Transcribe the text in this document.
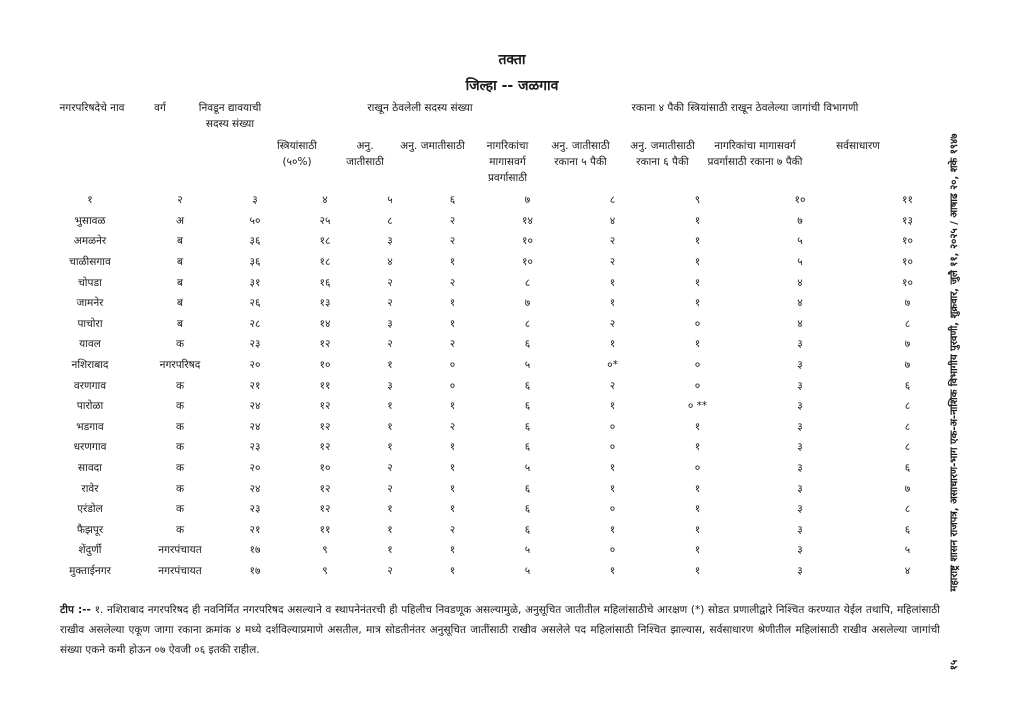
तक्ता
जिल्हा -- जळगाव
राखून ठेवलेली सदस्य संख्या	रकाना ४ पैकी स्त्रियांसाठी राखून ठेवलेल्या जागांची विभागणी
नगरपरिषदेचे नाव	वर्ग	निवडून द्यावयाची सदस्य संख्या
स्त्रियांसाठी (५०%)
अनु. जातीसाठी
अनु. जमातीसाठी	नागरिकांचा मागासवर्ग प्रवर्गासाठी
अनु. जातीसाठी रकाना ५ पैकी
अनु. जमातीसाठी रकाना ६ पैकी
नागरिकांचा मागासवर्ग प्रवर्गासाठी रकाना ७ पैकी
सर्वसाधारण
१	२	३	४	५	६	७	८	९	१०	११
भुसावळ	अ	५०	२५	८	२	१४	४	१	७	१३
अमळनेर	ब	३६	१८	३	२	१०	२	१	५	१०
चाळीसगाव	ब	३६	१८	४	१	१०	२	१	५	१०
चोपडा	ब	३१	१६	२	२	८	१	१	४	१०
जामनेर	ब	२६	१३	२	१	७	१	१	४	७
पाचोरा	ब	२८	१४	३	१	८	२	०	४	८
यावल	क	२३	१२	२	२	६	१	१	३	७
नशिराबाद	नगरपरिषद	२०	१०	१	०	५	०*	०	३	७
वरणगाव	क	२१	११	३	०	६	२	०	३	६
पारोळा	क	२४	१२	१	१	६	१	० **	३	८
भडगाव	क	२४	१२	१	२	६	०	१	३	८
धरणगाव	क	२३	१२	१	१	६	०	१	३	८
सावदा	क	२०	१०	२	१	५	१	०	३	६
रावेर	क	२४	१२	२	१	६	१	१	३	७
एरंडोल	क	२३	१२	१	१	६	०	१	३	८
फैझपूर	क	२१	११	१	२	६	१	१	३	६
शेंदुर्णी	नगरपंचायत	१७	९	१	१	५	०	१	३	५
मुक्ताईनगर	नगरपंचायत	१७	९	२	१	५	१	१	३	४
टीप :-- १. नशिराबाद नगरपरिषद ही नवनिर्मित नगरपरिषद असल्याने व स्थापनेनंतरची ही पहिलीच निवडणूक असल्यामुळे, अनुसूचित जातीतील महिलांसाठीचे आरक्षण (*) सोडत प्रणालीद्वारे निश्चित करण्यात येईल तथापि, महिलांसाठी राखीव असलेल्या एकूण जागा रकाना क्रमांक ४ मध्ये दर्शविल्याप्रमाणे असतील, मात्र सोडतीनंतर अनुसूचित जातींसाठी राखीव असलेले पद महिलांसाठी निश्चित झाल्यास, सर्वसाधारण श्रेणीतील महिलांसाठी राखीव असलेल्या जागांची संख्या एकने कमी होऊन ०७ ऐवजी ०६ इतकी राहील.
महाराष्ट्र शासन राजपत्र, असाधारण-भाग एक-अ-नाशिक विभागीय पुरवणी, शुक्रवार, जुलै ११, २०२५ / आषाढ २०, शके १९४७
१५
